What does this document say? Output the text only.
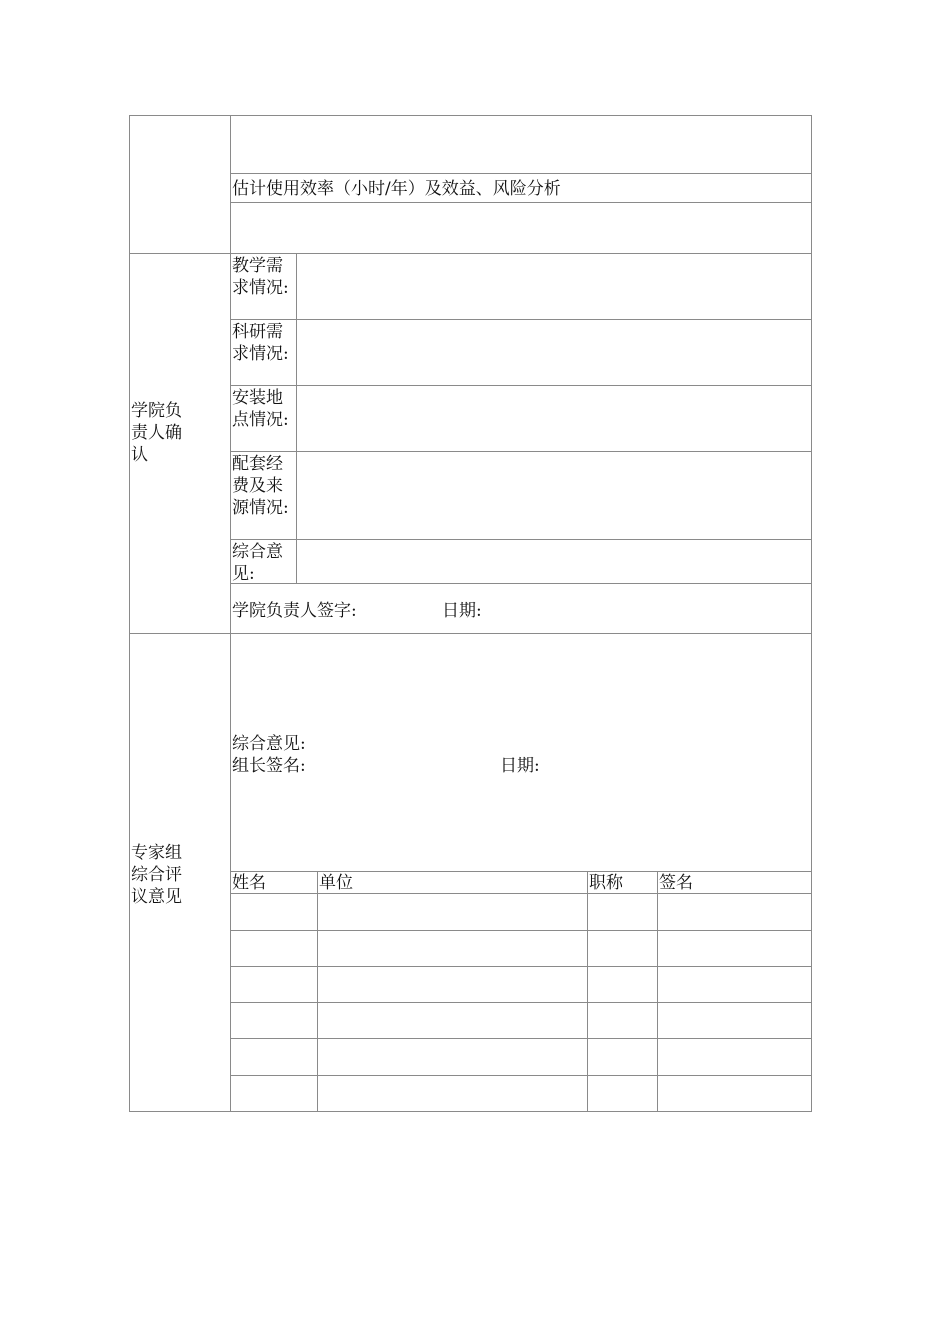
估计使用效率（小时/年）及效益、风险分析
学院负责人确认
教学需求情况:
科研需求情况:
安装地点情况:
配套经费及来源情况:
综合意见:
学院负责人签字:	日期:
专家组综合评议意见
综合意见:
组长签名:	日期:
姓名	单位	职称 签名
